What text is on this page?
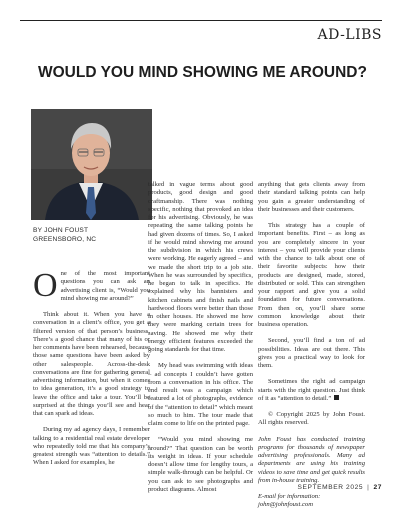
AD-LIBS
WOULD YOU MIND SHOWING ME AROUND?
BY JOHN FOUST
GREENSBORO, NC

One of the most important questions you can ask an advertising client is, “Would you mind showing me around?”

Think about it. When you have a conversation in a client’s office, you get a filtered version of that person’s business. There’s a good chance that many of his or her comments have been rehearsed, because those same questions have been asked by other salespeople. Across-the-desk conversations are fine for gathering general advertising information, but when it comes to idea generation, it’s a good strategy to leave the office and take a tour. You’ll be surprised at the things you’ll see and hear that can spark ad ideas.

During my ad agency days, I remember talking to a residential real estate developer who repeatedly told me that his company’s greatest strength was “attention to details.” When I asked for examples, he

talked in vague terms about good products, good design and good craftmanship. There was nothing specific, nothing that provoked an idea for his advertising. Obviously, he was repeating the same talking points he had given dozens of times. So, I asked if he would mind showing me around the subdivision in which his crews were working. He eagerly agreed – and we made the short trip to a job site. When he was surrounded by specifics, he began to talk in specifics. He explained why his bannisters and kitchen cabinets and finish nails and hardwood floors were better than those in other houses. He showed me how they were marking certain trees for saving. He showed me why their energy efficient features exceeded the going standards for that time.

My head was swimming with ideas – ad concepts I couldn’t have gotten from a conversation in his office. The end result was a campaign which featured a lot of photographs, evidence of the “attention to detail” which meant so much to him. The tour made that claim come to life on the printed page.

“Would you mind showing me around?” That question can be worth its weight in ideas. If your schedule doesn’t allow time for lengthy tours, a simple walk-through can be helpful. Or you can ask to see photographs and product diagrams. Almost

anything that gets clients away from their standard talking points can help you gain a greater understanding of their businesses and their customers.

This strategy has a couple of important benefits. First – as long as you are completely sincere in your interest – you will provide your clients with the chance to talk about one of their favorite subjects: how their products are designed, made, stored, distributed or sold. This can strengthen your rapport and give you a solid foundation for future conversations. From then on, you’ll share some common knowledge about their business operation.

Second, you’ll find a ton of ad possibilities. Ideas are out there. This gives you a practical way to look for them.

Sometimes the right ad campaign starts with the right question. Just think of it as “attention to detail.”

© Copyright 2025 by John Foust. All rights reserved.

John Foust has conducted training programs for thousands of newspaper advertising professionals. Many ad departments are using his training videos to save time and get quick results from in-house training.

E-mail for information:
john@johnfoust.com

SEPTEMBER 2025 | 27
